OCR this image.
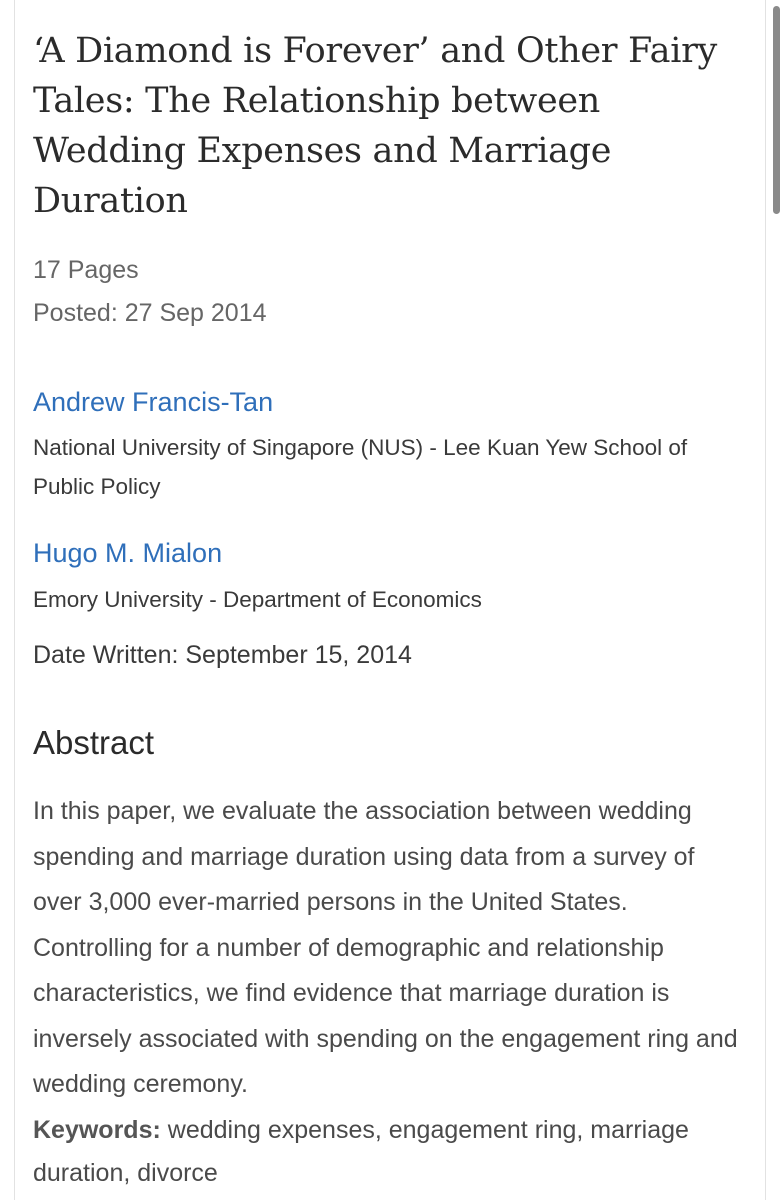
‘A Diamond is Forever’ and Other Fairy Tales: The Relationship between Wedding Expenses and Marriage Duration
17 Pages
Posted: 27 Sep 2014
Andrew Francis-Tan
National University of Singapore (NUS) - Lee Kuan Yew School of Public Policy
Hugo M. Mialon
Emory University - Department of Economics
Date Written: September 15, 2014
Abstract

In this paper, we evaluate the association between wedding spending and marriage duration using data from a survey of over 3,000 ever-married persons in the United States. Controlling for a number of demographic and relationship characteristics, we find evidence that marriage duration is inversely associated with spending on the engagement ring and wedding ceremony.

Keywords: wedding expenses, engagement ring, marriage duration, divorce
